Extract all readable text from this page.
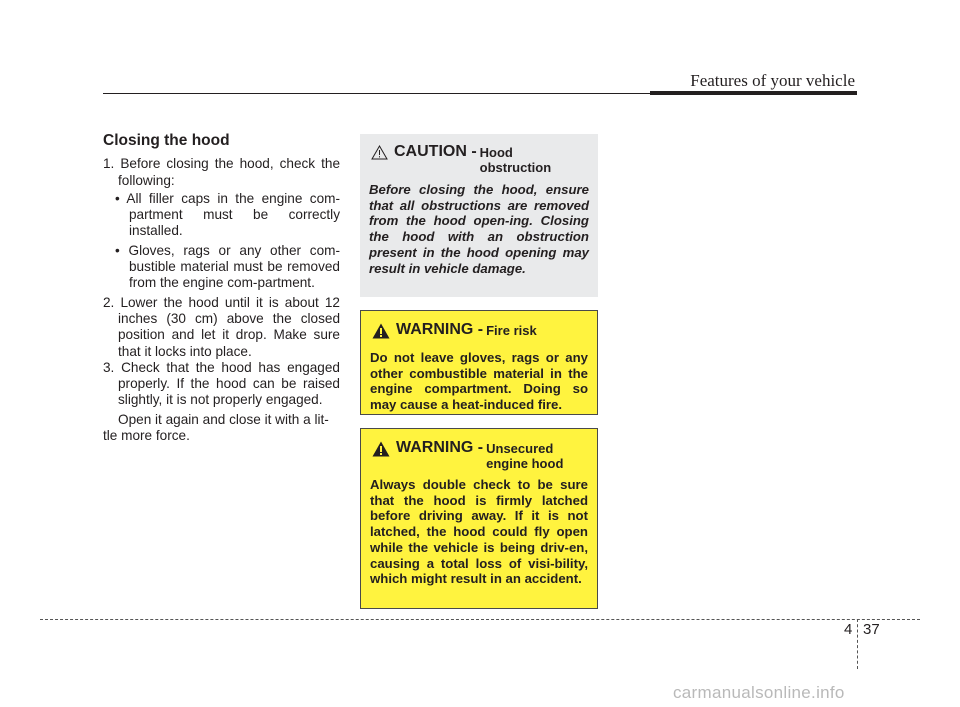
Features of your vehicle
Closing the hood

1. Before closing the hood, check the following:

• All filler caps in the engine com-partment must be correctly installed.

• Gloves, rags or any other com-bustible material must be removed from the engine com-partment.

2. Lower the hood until it is about 12 inches (30 cm) above the closed position and let it drop. Make sure that it locks into place.

3. Check that the hood has engaged properly. If the hood can be raised slightly, it is not properly engaged.

Open it again and close it with a lit-

tle more force.

CAUTION - Hood
obstruction
Before closing the hood, ensure that all obstructions are removed from the hood open-ing. Closing the hood with an obstruction present in the hood opening may result in vehicle damage.
WARNING - Fire risk
Do not leave gloves, rags or any other combustible material in the engine compartment. Doing so may cause a heat-induced fire.
WARNING - Unsecured
engine hood
Always double check to be sure that the hood is firmly latched before driving away. If it is not latched, the hood could fly open while the vehicle is being driv-en, causing a total loss of visi-bility, which might result in an accident.
4 37
carmanualsonline.info
